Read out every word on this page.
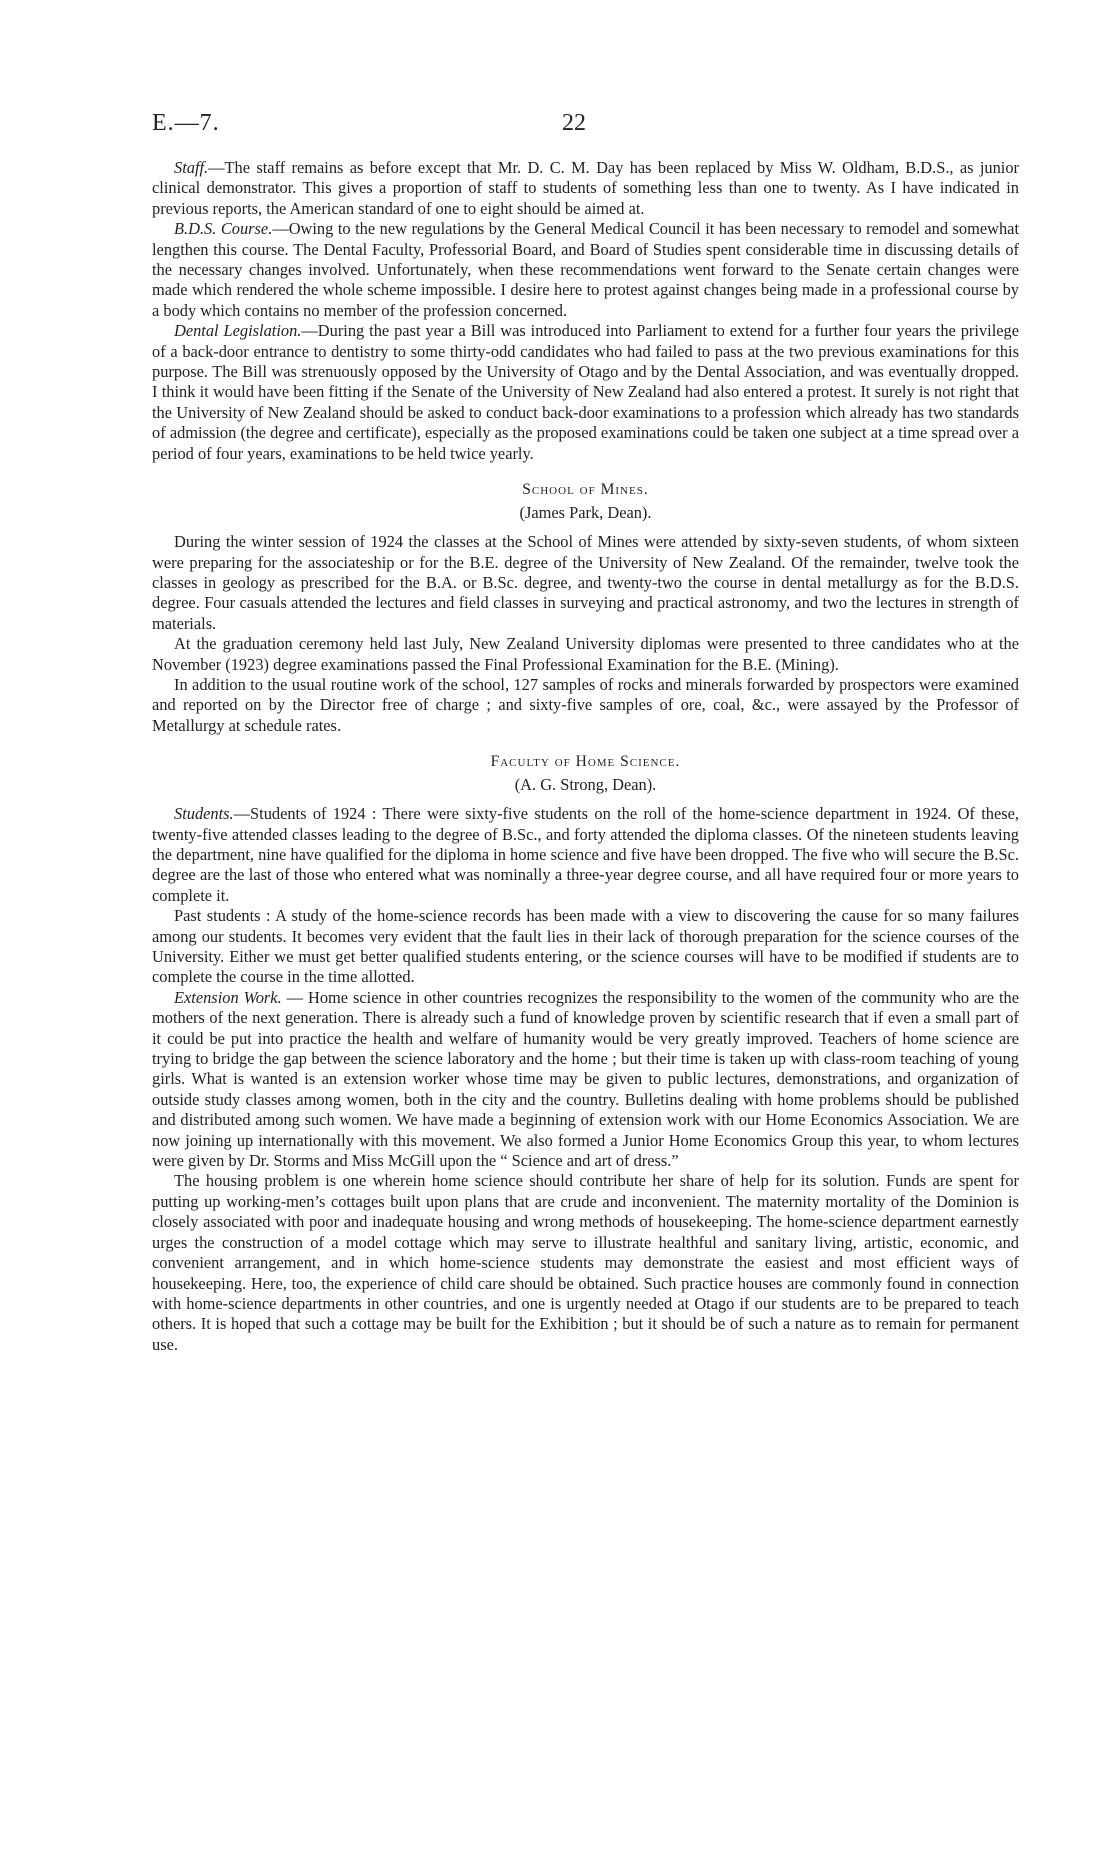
E.—7.	22

Staff.—The staff remains as before except that Mr. D. C. M. Day has been replaced by Miss W. Oldham, B.D.S., as junior clinical demonstrator. This gives a proportion of staff to students of something less than one to twenty. As I have indicated in previous reports, the American standard of one to eight should be aimed at.

B.D.S. Course.—Owing to the new regulations by the General Medical Council it has been necessary to remodel and somewhat lengthen this course. The Dental Faculty, Professorial Board, and Board of Studies spent considerable time in discussing details of the necessary changes involved. Unfortunately, when these recommendations went forward to the Senate certain changes were made which rendered the whole scheme impossible. I desire here to protest against changes being made in a professional course by a body which contains no member of the profession concerned.

Dental Legislation.—During the past year a Bill was introduced into Parliament to extend for a further four years the privilege of a back-door entrance to dentistry to some thirty-odd candidates who had failed to pass at the two previous examinations for this purpose. The Bill was strenuously opposed by the University of Otago and by the Dental Association, and was eventually dropped. I think it would have been fitting if the Senate of the University of New Zealand had also entered a protest. It surely is not right that the University of New Zealand should be asked to conduct back-door examinations to a profession which already has two standards of admission (the degree and certificate), especially as the proposed examinations could be taken one subject at a time spread over a period of four years, examinations to be held twice yearly.

School of Mines.
(James Park, Dean).

During the winter session of 1924 the classes at the School of Mines were attended by sixty-seven students, of whom sixteen were preparing for the associateship or for the B.E. degree of the University of New Zealand. Of the remainder, twelve took the classes in geology as prescribed for the B.A. or B.Sc. degree, and twenty-two the course in dental metallurgy as for the B.D.S. degree. Four casuals attended the lectures and field classes in surveying and practical astronomy, and two the lectures in strength of materials.

At the graduation ceremony held last July, New Zealand University diplomas were presented to three candidates who at the November (1923) degree examinations passed the Final Professional Examination for the B.E. (Mining).

In addition to the usual routine work of the school, 127 samples of rocks and minerals forwarded by prospectors were examined and reported on by the Director free of charge ; and sixty-five samples of ore, coal, &c., were assayed by the Professor of Metallurgy at schedule rates.

Faculty of Home Science.
(A. G. Strong, Dean).

Students.—Students of 1924 : There were sixty-five students on the roll of the home-science department in 1924. Of these, twenty-five attended classes leading to the degree of B.Sc., and forty attended the diploma classes. Of the nineteen students leaving the department, nine have qualified for the diploma in home science and five have been dropped. The five who will secure the B.Sc. degree are the last of those who entered what was nominally a three-year degree course, and all have required four or more years to complete it.

Past students : A study of the home-science records has been made with a view to discovering the cause for so many failures among our students. It becomes very evident that the fault lies in their lack of thorough preparation for the science courses of the University. Either we must get better qualified students entering, or the science courses will have to be modified if students are to complete the course in the time allotted.

Extension Work. — Home science in other countries recognizes the responsibility to the women of the community who are the mothers of the next generation. There is already such a fund of knowledge proven by scientific research that if even a small part of it could be put into practice the health and welfare of humanity would be very greatly improved. Teachers of home science are trying to bridge the gap between the science laboratory and the home ; but their time is taken up with class-room teaching of young girls. What is wanted is an extension worker whose time may be given to public lectures, demonstrations, and organization of outside study classes among women, both in the city and the country. Bulletins dealing with home problems should be published and distributed among such women. We have made a beginning of extension work with our Home Economics Association. We are now joining up internationally with this movement. We also formed a Junior Home Economics Group this year, to whom lectures were given by Dr. Storms and Miss McGill upon the “ Science and art of dress.”

The housing problem is one wherein home science should contribute her share of help for its solution. Funds are spent for putting up working-men’s cottages built upon plans that are crude and inconvenient. The maternity mortality of the Dominion is closely associated with poor and inadequate housing and wrong methods of housekeeping. The home-science department earnestly urges the construction of a model cottage which may serve to illustrate healthful and sanitary living, artistic, economic, and convenient arrangement, and in which home-science students may demonstrate the easiest and most efficient ways of housekeeping. Here, too, the experience of child care should be obtained. Such practice houses are commonly found in connection with home-science departments in other countries, and one is urgently needed at Otago if our students are to be prepared to teach others. It is hoped that such a cottage may be built for the Exhibition ; but it should be of such a nature as to remain for permanent use.
